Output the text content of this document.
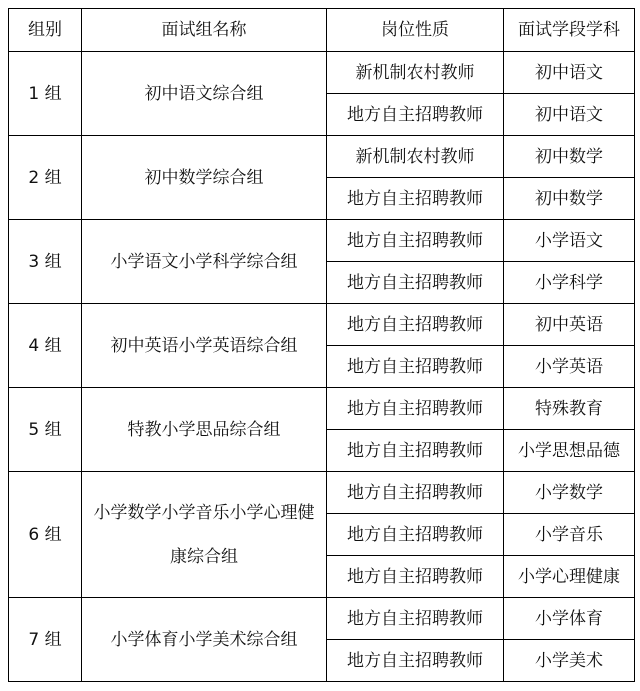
组别	面试组名称	岗位性质	面试学段学科
1 组	初中语文综合组	新机制农村教师	初中语文
		地方自主招聘教师	初中语文
2 组	初中数学综合组	新机制农村教师	初中数学
		地方自主招聘教师	初中数学
3 组	小学语文小学科学综合组	地方自主招聘教师	小学语文
		地方自主招聘教师	小学科学
4 组	初中英语小学英语综合组	地方自主招聘教师	初中英语
		地方自主招聘教师	小学英语
5 组	特教小学思品综合组	地方自主招聘教师	特殊教育
		地方自主招聘教师	小学思想品德
6 组	小学数学小学音乐小学心理健康综合组	地方自主招聘教师	小学数学
		地方自主招聘教师	小学音乐
		地方自主招聘教师	小学心理健康
7 组	小学体育小学美术综合组	地方自主招聘教师	小学体育
		地方自主招聘教师	小学美术
